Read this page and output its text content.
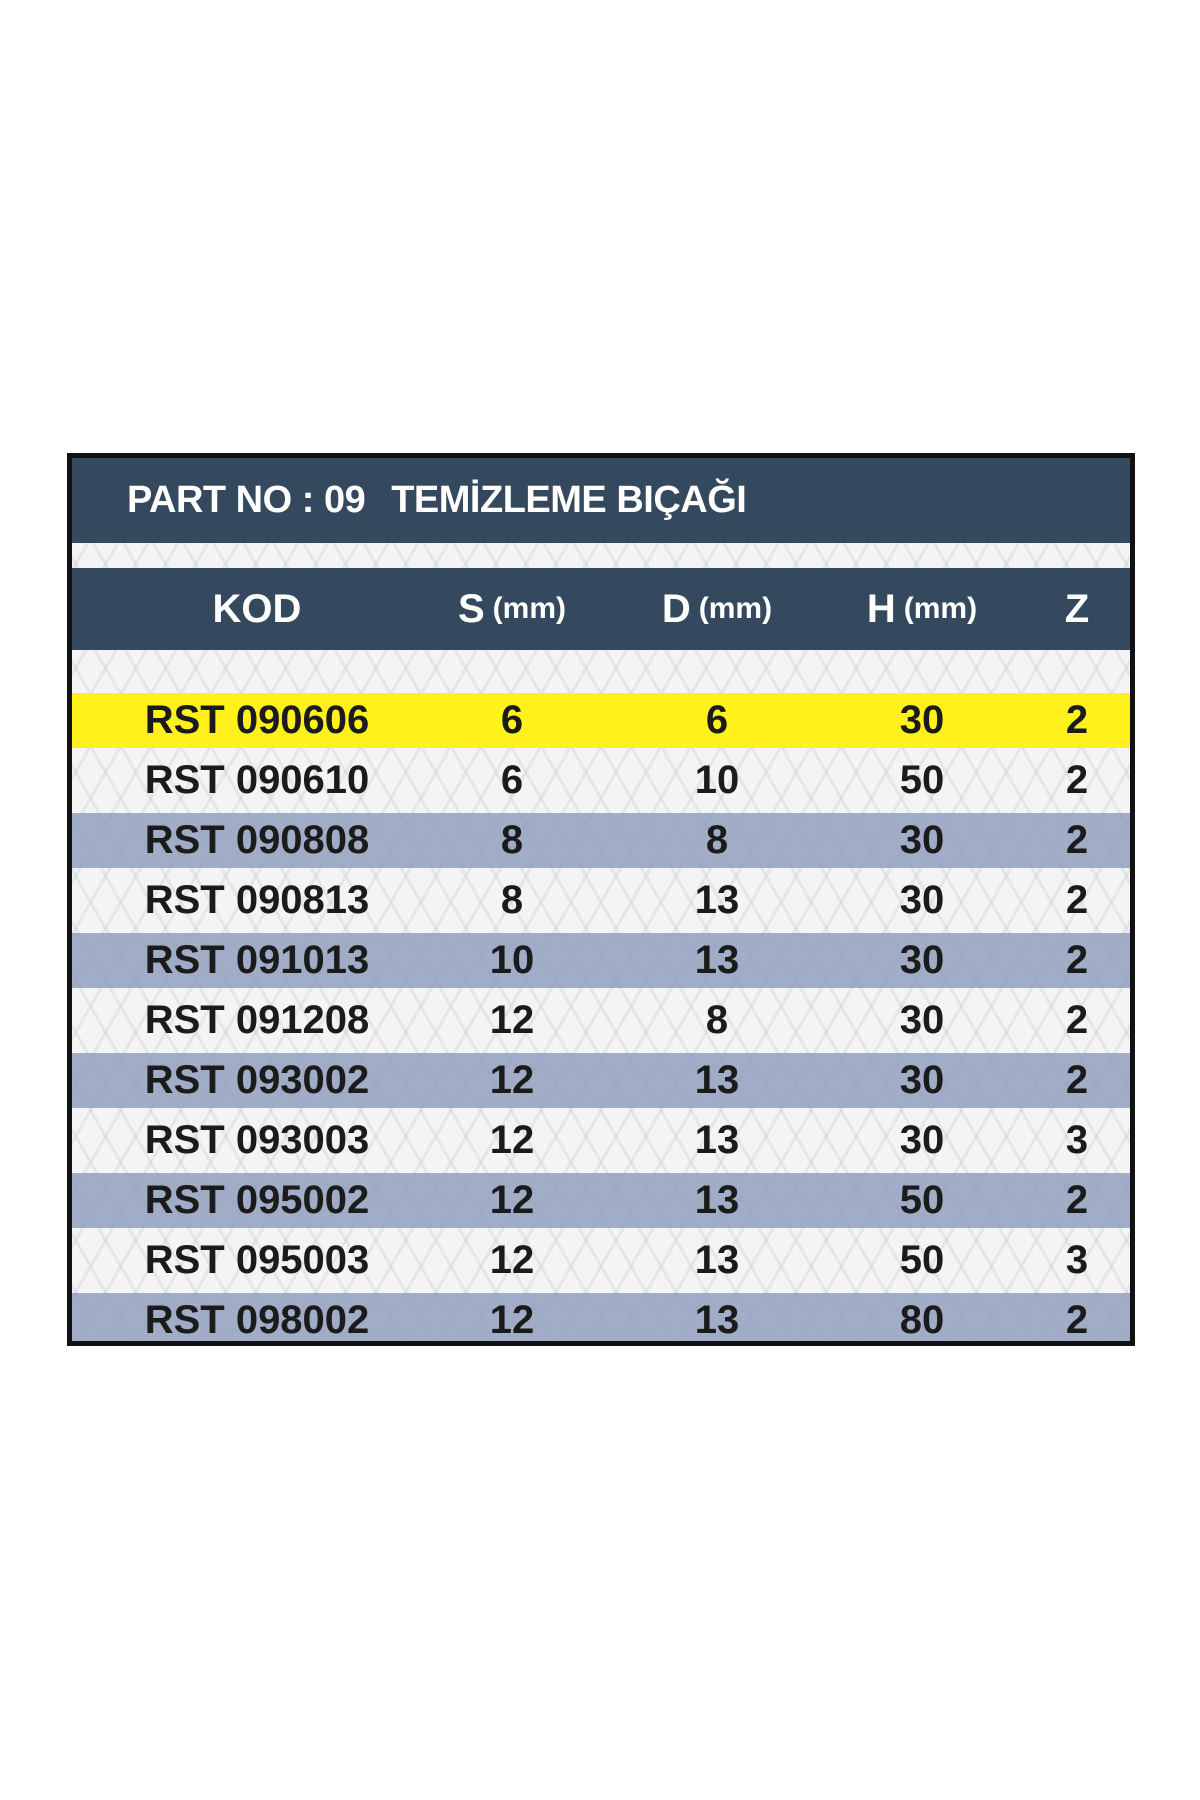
PART NO : 09 TEMİZLEME BIÇAĞI
KOD	S (mm) D (mm) H (mm) Z
RST 090606	6	6	30	2
RST 090610	6	10	50	2
RST 090808	8	8	30	2
RST 090813	8	13	30	2
RST 091013	10	13	30	2
RST 091208	12	8	30	2
RST 093002	12	13	30	2
RST 093003	12	13	30	3
RST 095002	12	13	50	2
RST 095003	12	13	50	3
RST 098002	12	13	80	2
